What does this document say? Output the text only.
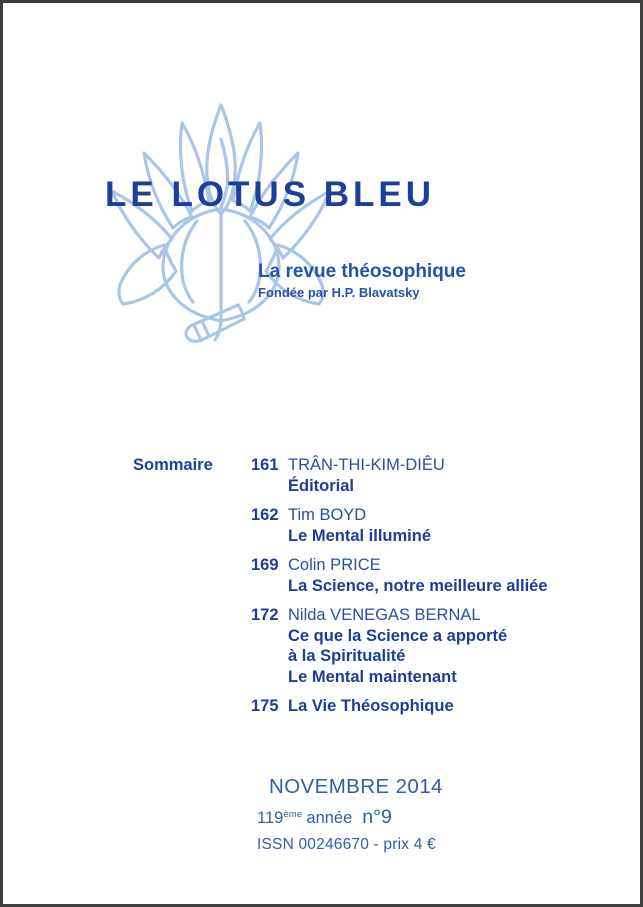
LE LOTUS BLEU
La revue théosophique
Fondée par H.P. Blavatsky
Sommaire 161 TRÂN-THI-KIM-DIÊU
Éditorial
162 Tim BOYD
Le Mental illuminé
169 Colin PRICE
La Science, notre meilleure alliée
172 Nilda VENEGAS BERNAL
Ce que la Science a apporté
à la Spiritualité
Le Mental maintenant
175 La Vie Théosophique
NOVEMBRE 2014
119ème année n°9
ISSN 00246670 - prix 4 €
